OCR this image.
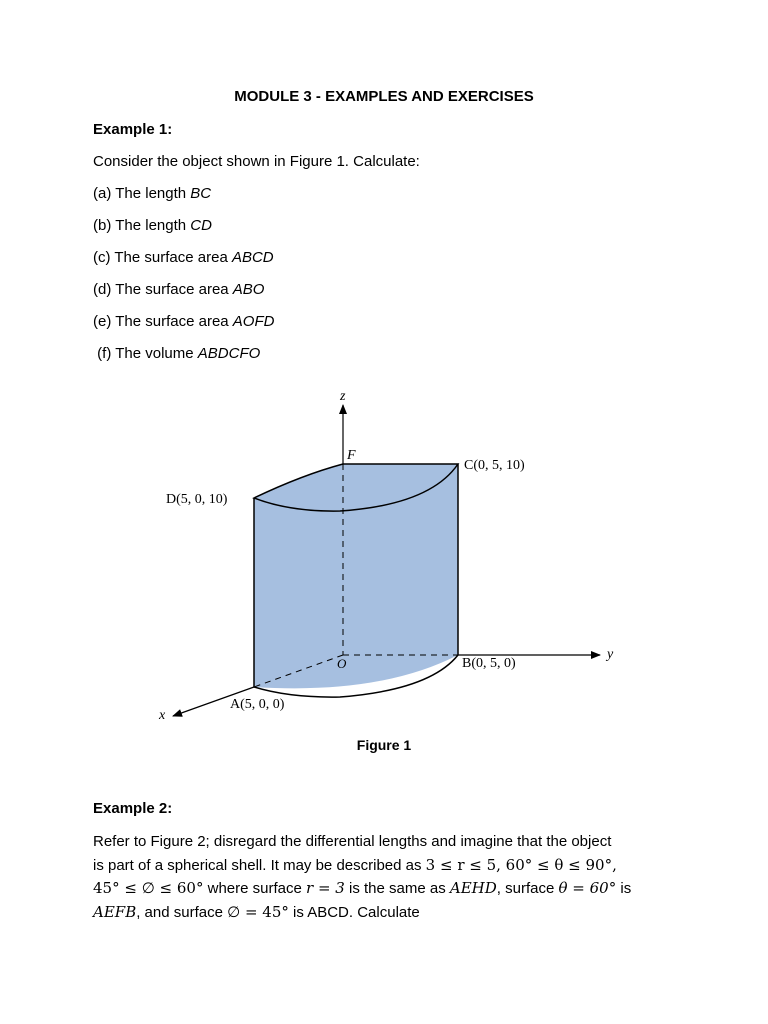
MODULE 3 - EXAMPLES AND EXERCISES
Example 1:
Consider the object shown in Figure 1. Calculate:
(a) The length BC
(b) The length CD
(c) The surface area ABCD
(d) The surface area ABO
(e) The surface area AOFD
(f) The volume ABDCFO
z
F
C(0, 5, 10)
D(5, 0, 10)
O	B(0, 5, 0)
y
A(5, 0, 0)
x
Figure 1
Example 2:
Refer to Figure 2; disregard the differential lengths and imagine that the object
is part of a spherical shell. It may be described as 3 ≤ r ≤ 5, 60° ≤ θ ≤ 90°,
45° ≤ ∅ ≤ 60° where surface r = 3 is the same as AEHD, surface θ = 60° is
AEFB, and surface ∅ = 45° is ABCD. Calculate
